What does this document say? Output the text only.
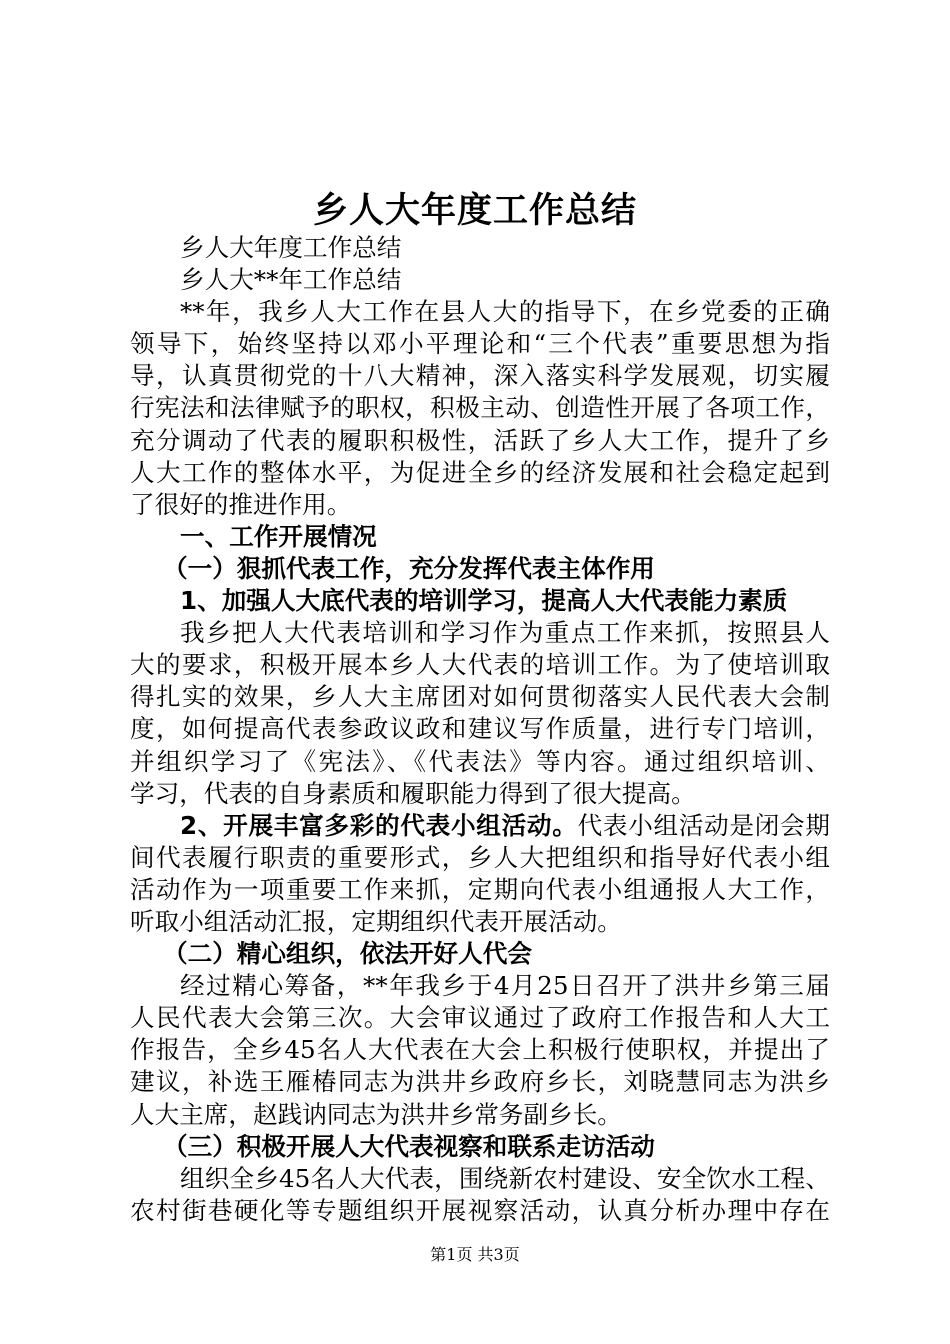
乡人大年度工作总结
乡人大年度工作总结
乡人大**年工作总结
**年，我乡人大工作在县人大的指导下，在乡党委的正确
领导下，始终坚持以邓小平理论和“三个代表”重要思想为指
导，认真贯彻党的十八大精神，深入落实科学发展观，切实履
行宪法和法律赋予的职权，积极主动、创造性开展了各项工作，
充分调动了代表的履职积极性，活跃了乡人大工作，提升了乡
人大工作的整体水平，为促进全乡的经济发展和社会稳定起到
了很好的推进作用。
一、工作开展情况
（一）狠抓代表工作，充分发挥代表主体作用
1、加强人大底代表的培训学习，提高人大代表能力素质
我乡把人大代表培训和学习作为重点工作来抓，按照县人
大的要求，积极开展本乡人大代表的培训工作。为了使培训取
得扎实的效果，乡人大主席团对如何贯彻落实人民代表大会制
度，如何提高代表参政议政和建议写作质量，进行专门培训，
并组织学习了《宪法》、《代表法》等内容。通过组织培训、
学习，代表的自身素质和履职能力得到了很大提高。
2、开展丰富多彩的代表小组活动。代表小组活动是闭会期
间代表履行职责的重要形式，乡人大把组织和指导好代表小组
活动作为一项重要工作来抓，定期向代表小组通报人大工作，
听取小组活动汇报，定期组织代表开展活动。
（二）精心组织，依法开好人代会
经过精心筹备，**年我乡于4月25日召开了洪井乡第三届
人民代表大会第三次。大会审议通过了政府工作报告和人大工
作报告，全乡45名人大代表在大会上积极行使职权，并提出了
建议，补选王雁椿同志为洪井乡政府乡长，刘晓慧同志为洪乡
人大主席，赵践讷同志为洪井乡常务副乡长。
（三）积极开展人大代表视察和联系走访活动
组织全乡45名人大代表，围绕新农村建设、安全饮水工程、
农村街巷硬化等专题组织开展视察活动，认真分析办理中存在
第1页 共3页
